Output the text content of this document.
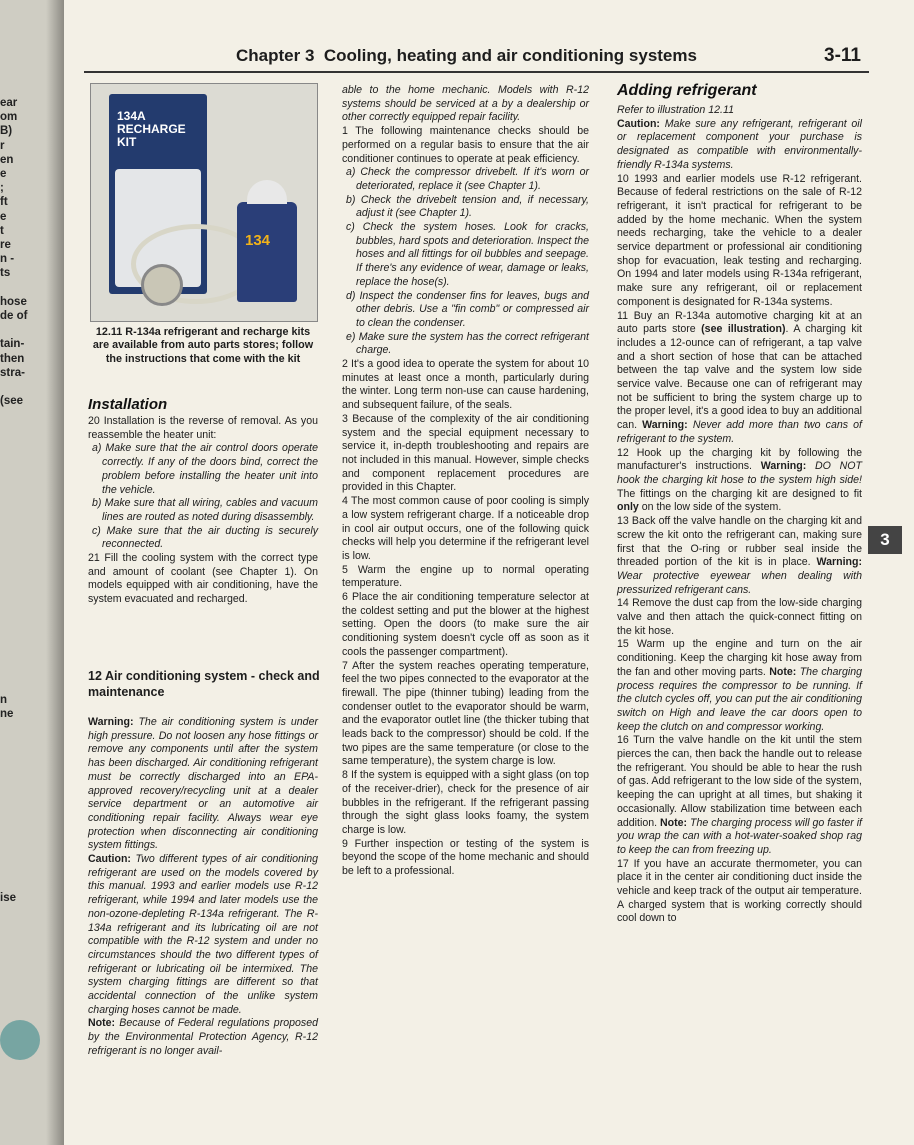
ear
om
B)
r
en
e
;
ft
e
t
re
n -
ts

hose
de of

tain-
then
stra-

(see

n
ne

ise
Chapter 3 Cooling, heating and air conditioning systems	3-11
3
134A RECHARGE KIT
134
12.11 R-134a refrigerant and recharge kits are available from auto parts stores; follow the instructions that come with the kit
Installation

20 Installation is the reverse of removal. As you reassemble the heater unit:

a) Make sure that the air control doors operate correctly. If any of the doors bind, correct the problem before installing the heater unit into the vehicle.

b) Make sure that all wiring, cables and vacuum lines are routed as noted during disassembly.

c) Make sure that the air ducting is securely reconnected.

21 Fill the cooling system with the correct type and amount of coolant (see Chapter 1). On models equipped with air conditioning, have the system evacuated and recharged.

12 Air conditioning system - check and maintenance

Warning: The air conditioning system is under high pressure. Do not loosen any hose fittings or remove any components until after the system has been discharged. Air conditioning refrigerant must be correctly discharged into an EPA-approved recovery/recycling unit at a dealer service department or an automotive air conditioning repair facility. Always wear eye protection when disconnecting air conditioning system fittings.

Caution: Two different types of air conditioning refrigerant are used on the models covered by this manual. 1993 and earlier models use R-12 refrigerant, while 1994 and later models use the non-ozone-depleting R-134a refrigerant. The R-134a refrigerant and its lubricating oil are not compatible with the R-12 system and under no circumstances should the two different types of refrigerant or lubricating oil be intermixed. The system charging fittings are different so that accidental connection of the unlike system charging hoses cannot be made.

Note: Because of Federal regulations proposed by the Environmental Protection Agency, R-12 refrigerant is no longer avail-

able to the home mechanic. Models with R-12 systems should be serviced at a by a dealership or other correctly equipped repair facility.

1 The following maintenance checks should be performed on a regular basis to ensure that the air conditioner continues to operate at peak efficiency.

a) Check the compressor drivebelt. If it's worn or deteriorated, replace it (see Chapter 1).

b) Check the drivebelt tension and, if necessary, adjust it (see Chapter 1).

c) Check the system hoses. Look for cracks, bubbles, hard spots and deterioration. Inspect the hoses and all fittings for oil bubbles and seepage. If there's any evidence of wear, damage or leaks, replace the hose(s).

d) Inspect the condenser fins for leaves, bugs and other debris. Use a "fin comb" or compressed air to clean the condenser.

e) Make sure the system has the correct refrigerant charge.

2 It's a good idea to operate the system for about 10 minutes at least once a month, particularly during the winter. Long term non-use can cause hardening, and subsequent failure, of the seals.

3 Because of the complexity of the air conditioning system and the special equipment necessary to service it, in-depth troubleshooting and repairs are not included in this manual. However, simple checks and component replacement procedures are provided in this Chapter.

4 The most common cause of poor cooling is simply a low system refrigerant charge. If a noticeable drop in cool air output occurs, one of the following quick checks will help you determine if the refrigerant level is low.

5 Warm the engine up to normal operating temperature.

6 Place the air conditioning temperature selector at the coldest setting and put the blower at the highest setting. Open the doors (to make sure the air conditioning system doesn't cycle off as soon as it cools the passenger compartment).

7 After the system reaches operating temperature, feel the two pipes connected to the evaporator at the firewall. The pipe (thinner tubing) leading from the condenser outlet to the evaporator should be warm, and the evaporator outlet line (the thicker tubing that leads back to the compressor) should be cold. If the two pipes are the same temperature (or close to the same temperature), the system charge is low.

8 If the system is equipped with a sight glass (on top of the receiver-drier), check for the presence of air bubbles in the refrigerant. If the refrigerant passing through the sight glass looks foamy, the system charge is low.

9 Further inspection or testing of the system is beyond the scope of the home mechanic and should be left to a professional.

Adding refrigerant

Refer to illustration 12.11

Caution: Make sure any refrigerant, refrigerant oil or replacement component your purchase is designated as compatible with environmentally-friendly R-134a systems.

10 1993 and earlier models use R-12 refrigerant. Because of federal restrictions on the sale of R-12 refrigerant, it isn't practical for refrigerant to be added by the home mechanic. When the system needs recharging, take the vehicle to a dealer service department or professional air conditioning shop for evacuation, leak testing and recharging. On 1994 and later models using R-134a refrigerant, make sure any refrigerant, oil or replacement component is designated for R-134a systems.

11 Buy an R-134a automotive charging kit at an auto parts store (see illustration). A charging kit includes a 12-ounce can of refrigerant, a tap valve and a short section of hose that can be attached between the tap valve and the system low side service valve. Because one can of refrigerant may not be sufficient to bring the system charge up to the proper level, it's a good idea to buy an additional can. Warning: Never add more than two cans of refrigerant to the system.

12 Hook up the charging kit by following the manufacturer's instructions. Warning: DO NOT hook the charging kit hose to the system high side! The fittings on the charging kit are designed to fit only on the low side of the system.

13 Back off the valve handle on the charging kit and screw the kit onto the refrigerant can, making sure first that the O-ring or rubber seal inside the threaded portion of the kit is in place. Warning: Wear protective eyewear when dealing with pressurized refrigerant cans.

14 Remove the dust cap from the low-side charging valve and then attach the quick-connect fitting on the kit hose.

15 Warm up the engine and turn on the air conditioning. Keep the charging kit hose away from the fan and other moving parts. Note: The charging process requires the compressor to be running. If the clutch cycles off, you can put the air conditioning switch on High and leave the car doors open to keep the clutch on and compressor working.

16 Turn the valve handle on the kit until the stem pierces the can, then back the handle out to release the refrigerant. You should be able to hear the rush of gas. Add refrigerant to the low side of the system, keeping the can upright at all times, but shaking it occasionally. Allow stabilization time between each addition. Note: The charging process will go faster if you wrap the can with a hot-water-soaked shop rag to keep the can from freezing up.

17 If you have an accurate thermometer, you can place it in the center air conditioning duct inside the vehicle and keep track of the output air temperature. A charged system that is working correctly should cool down to
